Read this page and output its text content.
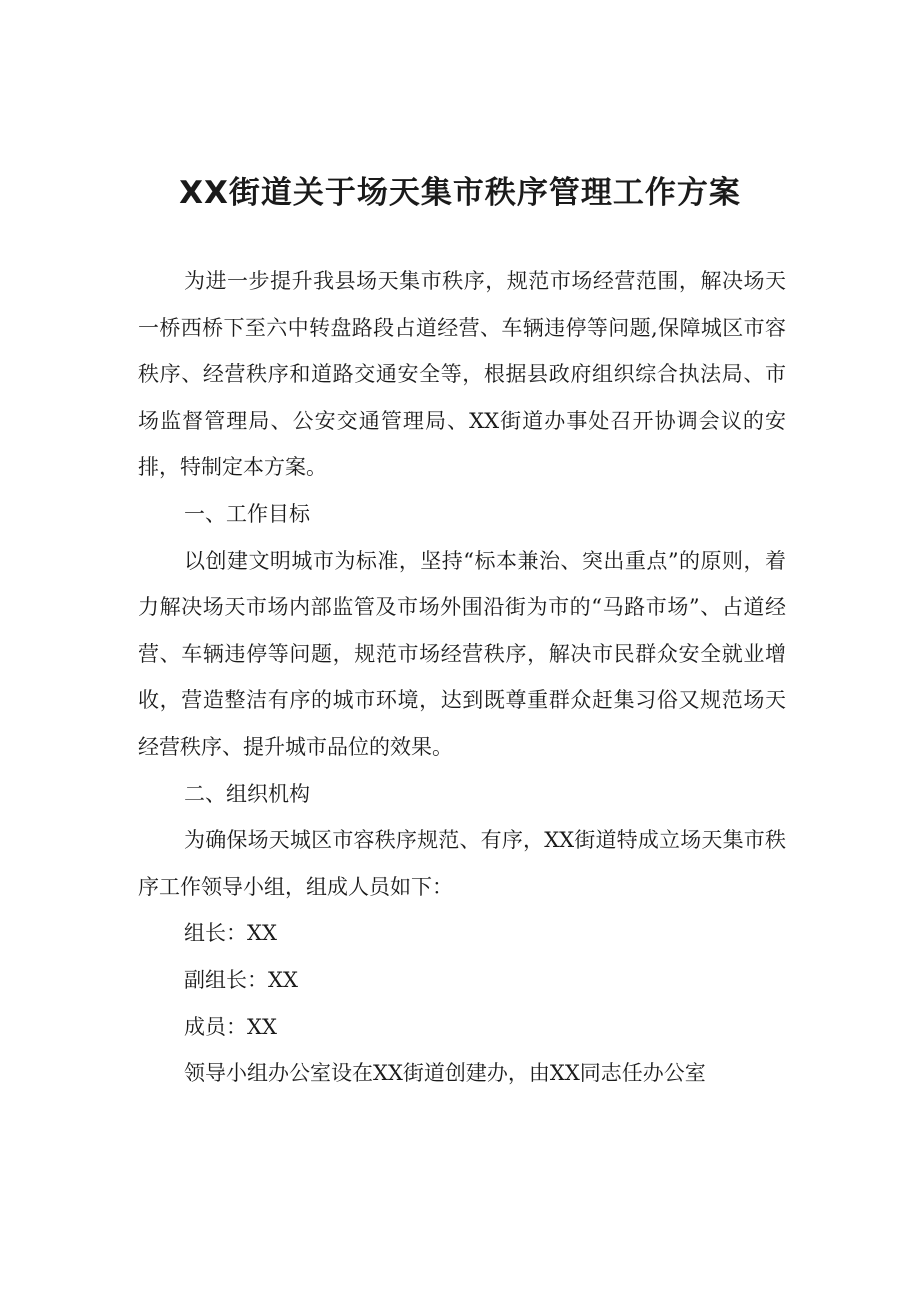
XX街道关于场天集市秩序管理工作方案

为进一步提升我县场天集市秩序，规范市场经营范围，解决场天一桥西桥下至六中转盘路段占道经营、车辆违停等问题,保障城区市容秩序、经营秩序和道路交通安全等，根据县政府组织综合执法局、市场监督管理局、公安交通管理局、XX街道办事处召开协调会议的安排，特制定本方案。

一、工作目标

以创建文明城市为标准，坚持“标本兼治、突出重点”的原则，着力解决场天市场内部监管及市场外围沿街为市的“马路市场”、占道经营、车辆违停等问题，规范市场经营秩序，解决市民群众安全就业增收，营造整洁有序的城市环境，达到既尊重群众赶集习俗又规范场天经营秩序、提升城市品位的效果。

二、组织机构

为确保场天城区市容秩序规范、有序，XX街道特成立场天集市秩序工作领导小组，组成人员如下：

组长：XX

副组长：XX

成员：XX

领导小组办公室设在XX街道创建办，由XX同志任办公室
